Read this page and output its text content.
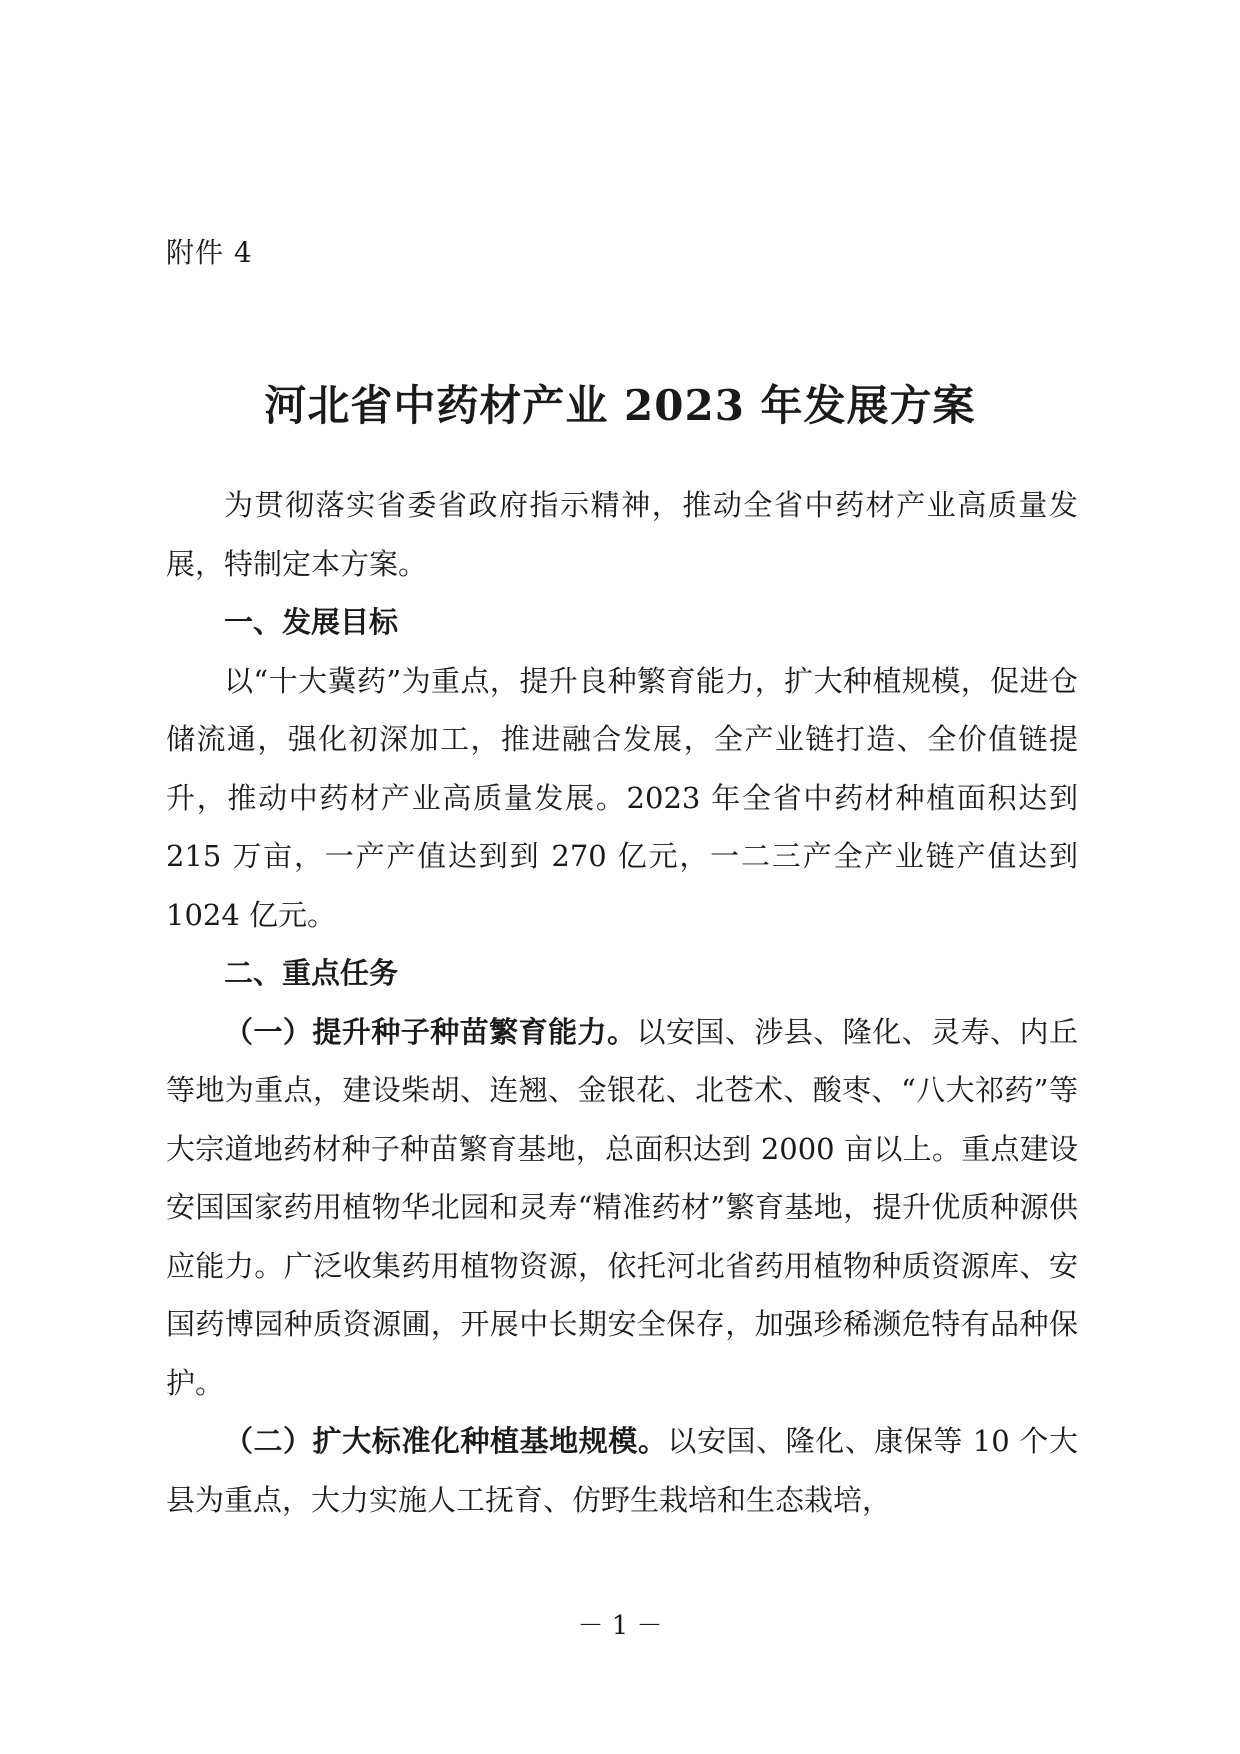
附件 4
河北省中药材产业 2023 年发展方案

为贯彻落实省委省政府指示精神，推动全省中药材产业高质量发展，特制定本方案。

一、发展目标

以“十大冀药”为重点，提升良种繁育能力，扩大种植规模，促进仓储流通，强化初深加工，推进融合发展，全产业链打造、全价值链提升，推动中药材产业高质量发展。2023 年全省中药材种植面积达到 215 万亩，一产产值达到到 270 亿元，一二三产全产业链产值达到 1024 亿元。

二、重点任务

（一）提升种子种苗繁育能力。以安国、涉县、隆化、灵寿、内丘等地为重点，建设柴胡、连翘、金银花、北苍术、酸枣、“八大祁药”等大宗道地药材种子种苗繁育基地，总面积达到 2000 亩以上。重点建设安国国家药用植物华北园和灵寿“精准药材”繁育基地，提升优质种源供应能力。广泛收集药用植物资源，依托河北省药用植物种质资源库、安国药博园种质资源圃，开展中长期安全保存，加强珍稀濒危特有品种保护。

（二）扩大标准化种植基地规模。以安国、隆化、康保等 10 个大县为重点，大力实施人工抚育、仿野生栽培和生态栽培，

－ 1 －
